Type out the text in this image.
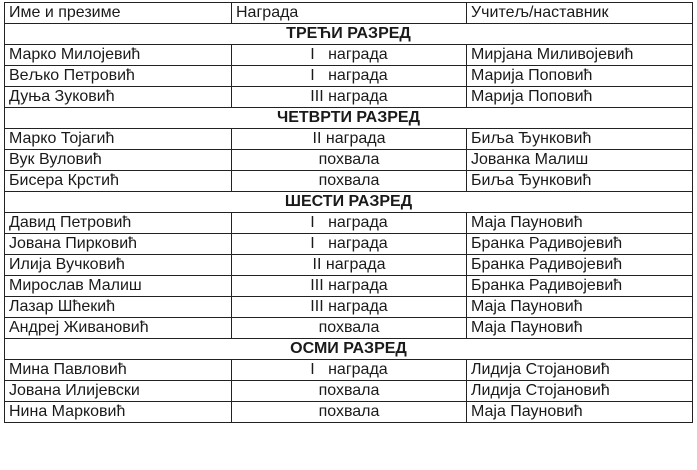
Име и презиме	Награда	Учитељ/наставник
ТРЕЋИ РАЗРЕД		
Марко Милојевић	I   награда	Мирјана Миливојевић
Вељко Петровић	I   награда	Марија Поповић
Дуња Зуковић	III награда	Марија Поповић
ЧЕТВРТИ РАЗРЕД		
Марко Тојагић	II награда	Биља Ђунковић
Вук Вуловић	похвала	Јованка Малиш
Бисера Крстић	похвала	Биља Ђунковић
ШЕСТИ РАЗРЕД		
Давид Петровић	I   награда	Маја Пауновић
Јована Пирковић	I   награда	Бранка Радивојевић
Илија Вучковић	II награда	Бранка Радивојевић
Мирослав Малиш	III награда	Бранка Радивојевић
Лазар Шћекић	III награда	Маја Пауновић
Андреј Живановић	похвала	Маја Пауновић
ОСМИ РАЗРЕД		
Мина Павловић	I   награда	Лидија Стојановић
Јована Илијевски	похвала	Лидија Стојановић
Нина Марковић	похвала	Маја Пауновић
